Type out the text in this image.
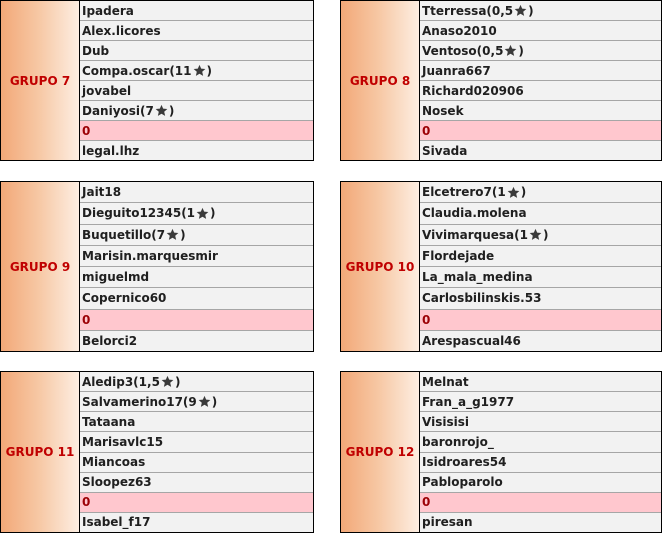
GRUPO 7
Ipadera
Alex.licores
Dub
Compa.oscar(11 )
jovabel
Daniyosi(7 )
0
legal.lhz
GRUPO 8
Tterressa(0,5 )
Anaso2010
Ventoso(0,5 )
Juanra667
Richard020906
Nosek
0
Sivada
GRUPO 9
Jait18
Dieguito12345(1 )
Buquetillo(7 )
Marisin.marquesmir
miguelmd
Copernico60
0
Belorci2
GRUPO 10
Elcetrero7(1 )
Claudia.molena
Vivimarquesa(1 )
Flordejade
La_mala_medina
Carlosbilinskis.53
0
Arespascual46
GRUPO 11
Aledip3(1,5 )
Salvamerino17(9 )
Tataana
Marisavlc15
Miancoas
Sloopez63
0
Isabel_f17
GRUPO 12
Melnat
Fran_a_g1977
Visisisi
baronrojo_
Isidroares54
Pabloparolo
0
piresan
